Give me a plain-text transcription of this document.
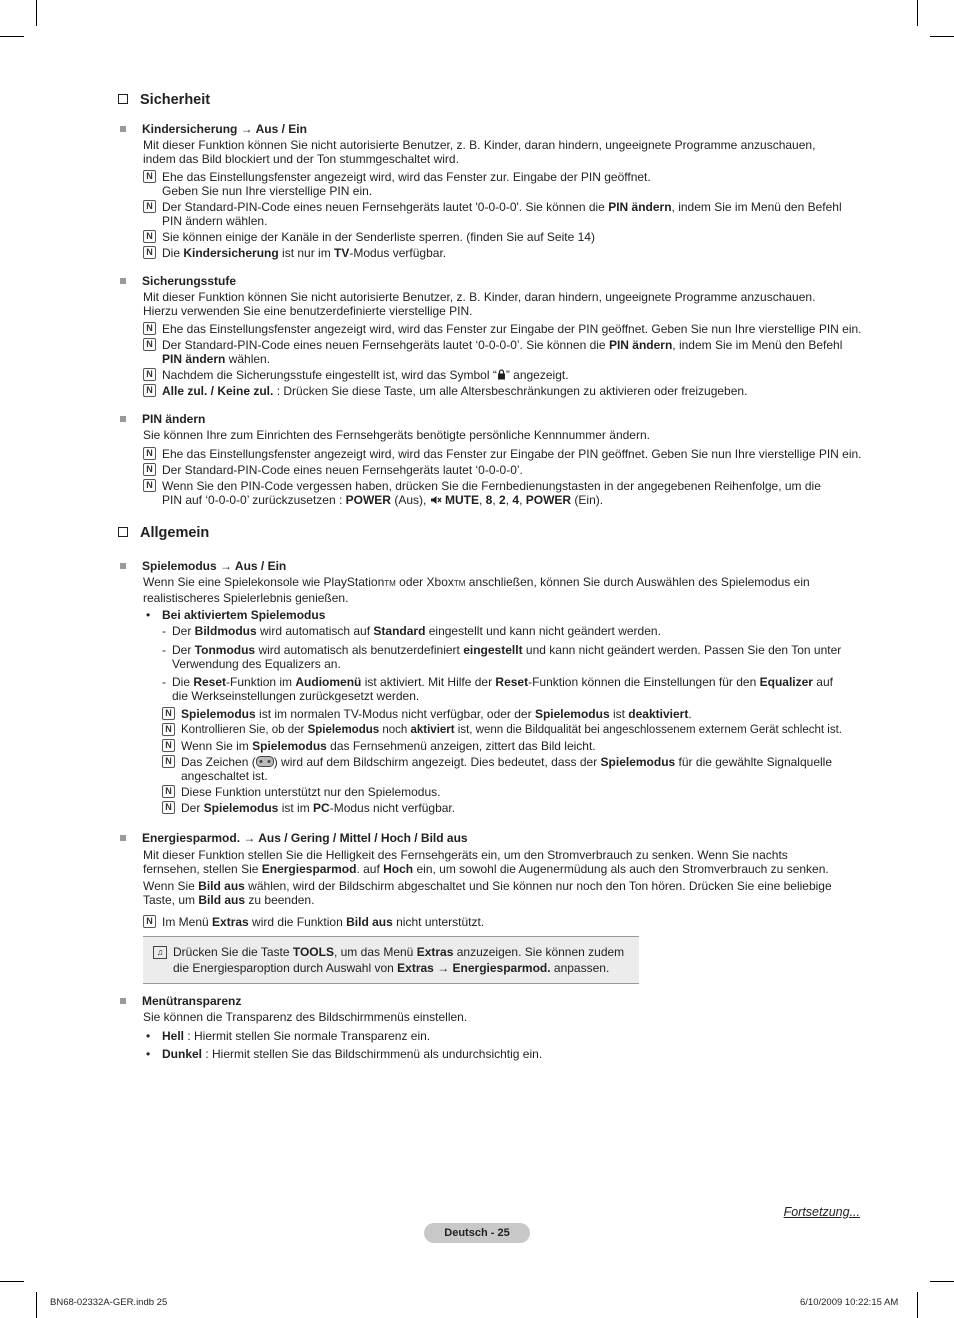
Sicherheit
Kindersicherung → Aus / Ein
Mit dieser Funktion können Sie nicht autorisierte Benutzer, z. B. Kinder, daran hindern, ungeeignete Programme anzuschauen,
indem das Bild blockiert und der Ton stummgeschaltet wird.
N Ehe das Einstellungsfenster angezeigt wird, wird das Fenster zur. Eingabe der PIN geöffnet.
Geben Sie nun Ihre vierstellige PIN ein.
N Der Standard-PIN-Code eines neuen Fernsehgeräts lautet '0-0-0-0'. Sie können die PIN ändern, indem Sie im Menü den Befehl
PIN ändern wählen.
N Sie können einige der Kanäle in der Senderliste sperren. (finden Sie auf Seite 14)
N Die Kindersicherung ist nur im TV-Modus verfügbar.
Sicherungsstufe
Mit dieser Funktion können Sie nicht autorisierte Benutzer, z. B. Kinder, daran hindern, ungeeignete Programme anzuschauen.
Hierzu verwenden Sie eine benutzerdefinierte vierstellige PIN.
N Ehe das Einstellungsfenster angezeigt wird, wird das Fenster zur Eingabe der PIN geöffnet. Geben Sie nun Ihre vierstellige PIN ein.
N Der Standard-PIN-Code eines neuen Fernsehgeräts lautet ‘0-0-0-0’. Sie können die PIN ändern, indem Sie im Menü den Befehl
PIN ändern wählen.
N Nachdem die Sicherungsstufe eingestellt ist, wird das Symbol “ ” angezeigt.
N Alle zul. / Keine zul. : Drücken Sie diese Taste, um alle Altersbeschränkungen zu aktivieren oder freizugeben.
PIN ändern
Sie können Ihre zum Einrichten des Fernsehgeräts benötigte persönliche Kennnummer ändern.
N Ehe das Einstellungsfenster angezeigt wird, wird das Fenster zur Eingabe der PIN geöffnet. Geben Sie nun Ihre vierstellige PIN ein.
N Der Standard-PIN-Code eines neuen Fernsehgeräts lautet ‘0-0-0-0’.
N Wenn Sie den PIN-Code vergessen haben, drücken Sie die Fernbedienungstasten in der angegebenen Reihenfolge, um die
PIN auf ‘0-0-0-0’ zurückzusetzen : POWER (Aus),  MUTE, 8, 2, 4, POWER (Ein).
Allgemein
Spielemodus → Aus / Ein
Wenn Sie eine Spielekonsole wie PlayStationTM oder XboxTM anschließen, können Sie durch Auswählen des Spielemodus ein
realistischeres Spielerlebnis genießen.
• Bei aktiviertem Spielemodus
- Der Bildmodus wird automatisch auf Standard eingestellt und kann nicht geändert werden.
- Der Tonmodus wird automatisch als benutzerdefiniert eingestellt und kann nicht geändert werden. Passen Sie den Ton unter
Verwendung des Equalizers an.
- Die Reset-Funktion im Audiomenü ist aktiviert. Mit Hilfe der Reset-Funktion können die Einstellungen für den Equalizer auf
die Werkseinstellungen zurückgesetzt werden.
N Spielemodus ist im normalen TV-Modus nicht verfügbar, oder der Spielemodus ist deaktiviert.
N Kontrollieren Sie, ob der Spielemodus noch aktiviert ist, wenn die Bildqualität bei angeschlossenem externem Gerät schlecht ist.
N Wenn Sie im Spielemodus das Fernsehmenü anzeigen, zittert das Bild leicht.
N Das Zeichen ( ) wird auf dem Bildschirm angezeigt. Dies bedeutet, dass der Spielemodus für die gewählte Signalquelle
angeschaltet ist.
N Diese Funktion unterstützt nur den Spielemodus.
N Der Spielemodus ist im PC-Modus nicht verfügbar.
Energiesparmod. → Aus / Gering / Mittel / Hoch / Bild aus
Mit dieser Funktion stellen Sie die Helligkeit des Fernsehgeräts ein, um den Stromverbrauch zu senken. Wenn Sie nachts
fernsehen, stellen Sie Energiesparmod. auf Hoch ein, um sowohl die Augenermüdung als auch den Stromverbrauch zu senken.
Wenn Sie Bild aus wählen, wird der Bildschirm abgeschaltet und Sie können nur noch den Ton hören. Drücken Sie eine beliebige
Taste, um Bild aus zu beenden.
N Im Menü Extras wird die Funktion Bild aus nicht unterstützt.
♫ Drücken Sie die Taste TOOLS, um das Menü Extras anzuzeigen. Sie können zudem
die Energiesparoption durch Auswahl von Extras → Energiesparmod. anpassen.
Menütransparenz
Sie können die Transparenz des Bildschirmmenüs einstellen.
• Hell : Hiermit stellen Sie normale Transparenz ein.
• Dunkel : Hiermit stellen Sie das Bildschirmmenü als undurchsichtig ein.
Fortsetzung...
Deutsch - 25
BN68-02332A-GER.indb 25	6/10/2009 10:22:15 AM
